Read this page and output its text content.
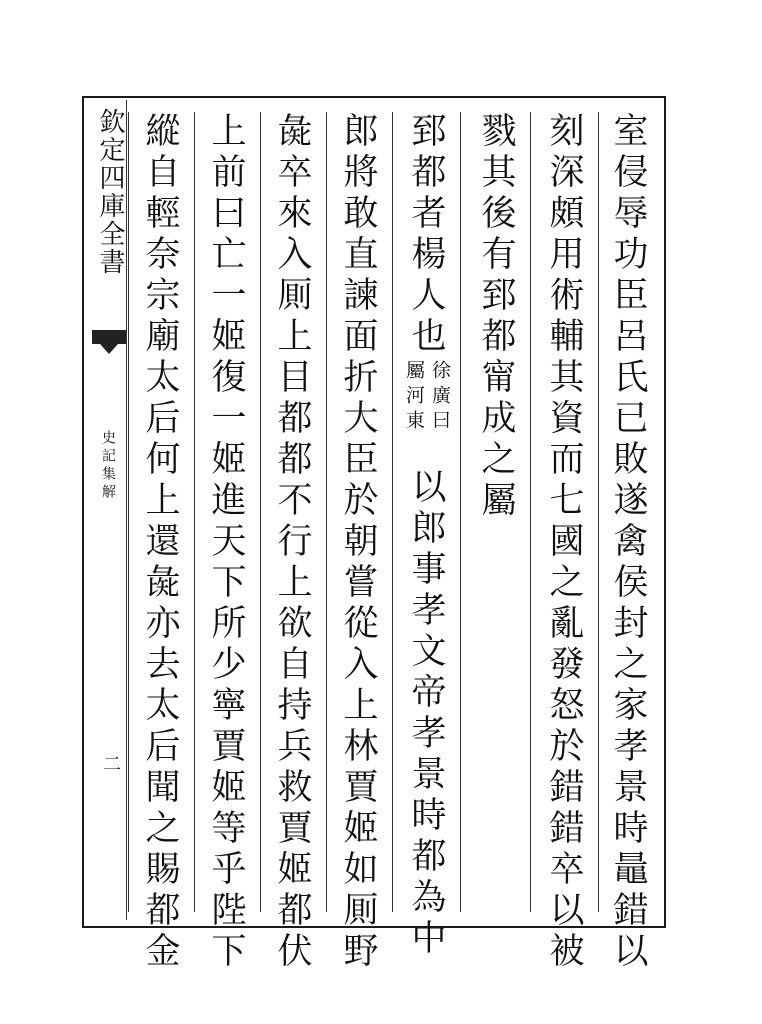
欽定四庫全書
史記集解
二	室侵辱功臣呂氏已敗遂禽侯封之家孝景時鼂錯以
刻深頗用術輔其資而七國之亂發怒於錯錯卒以被
戮其後有郅都甯成之屬
郅都者楊人也
徐廣曰
屬河東
以郎事孝文帝孝景時都為中
郎將敢直諫面折大臣於朝嘗從入上林賈姬如厠野
彘卒來入厠上目都都不行上欲自持兵救賈姬都伏
上前曰亡一姬復一姬進天下所少寧賈姬等乎陛下
縱自輕奈宗廟太后何上還彘亦去太后聞之賜都金
